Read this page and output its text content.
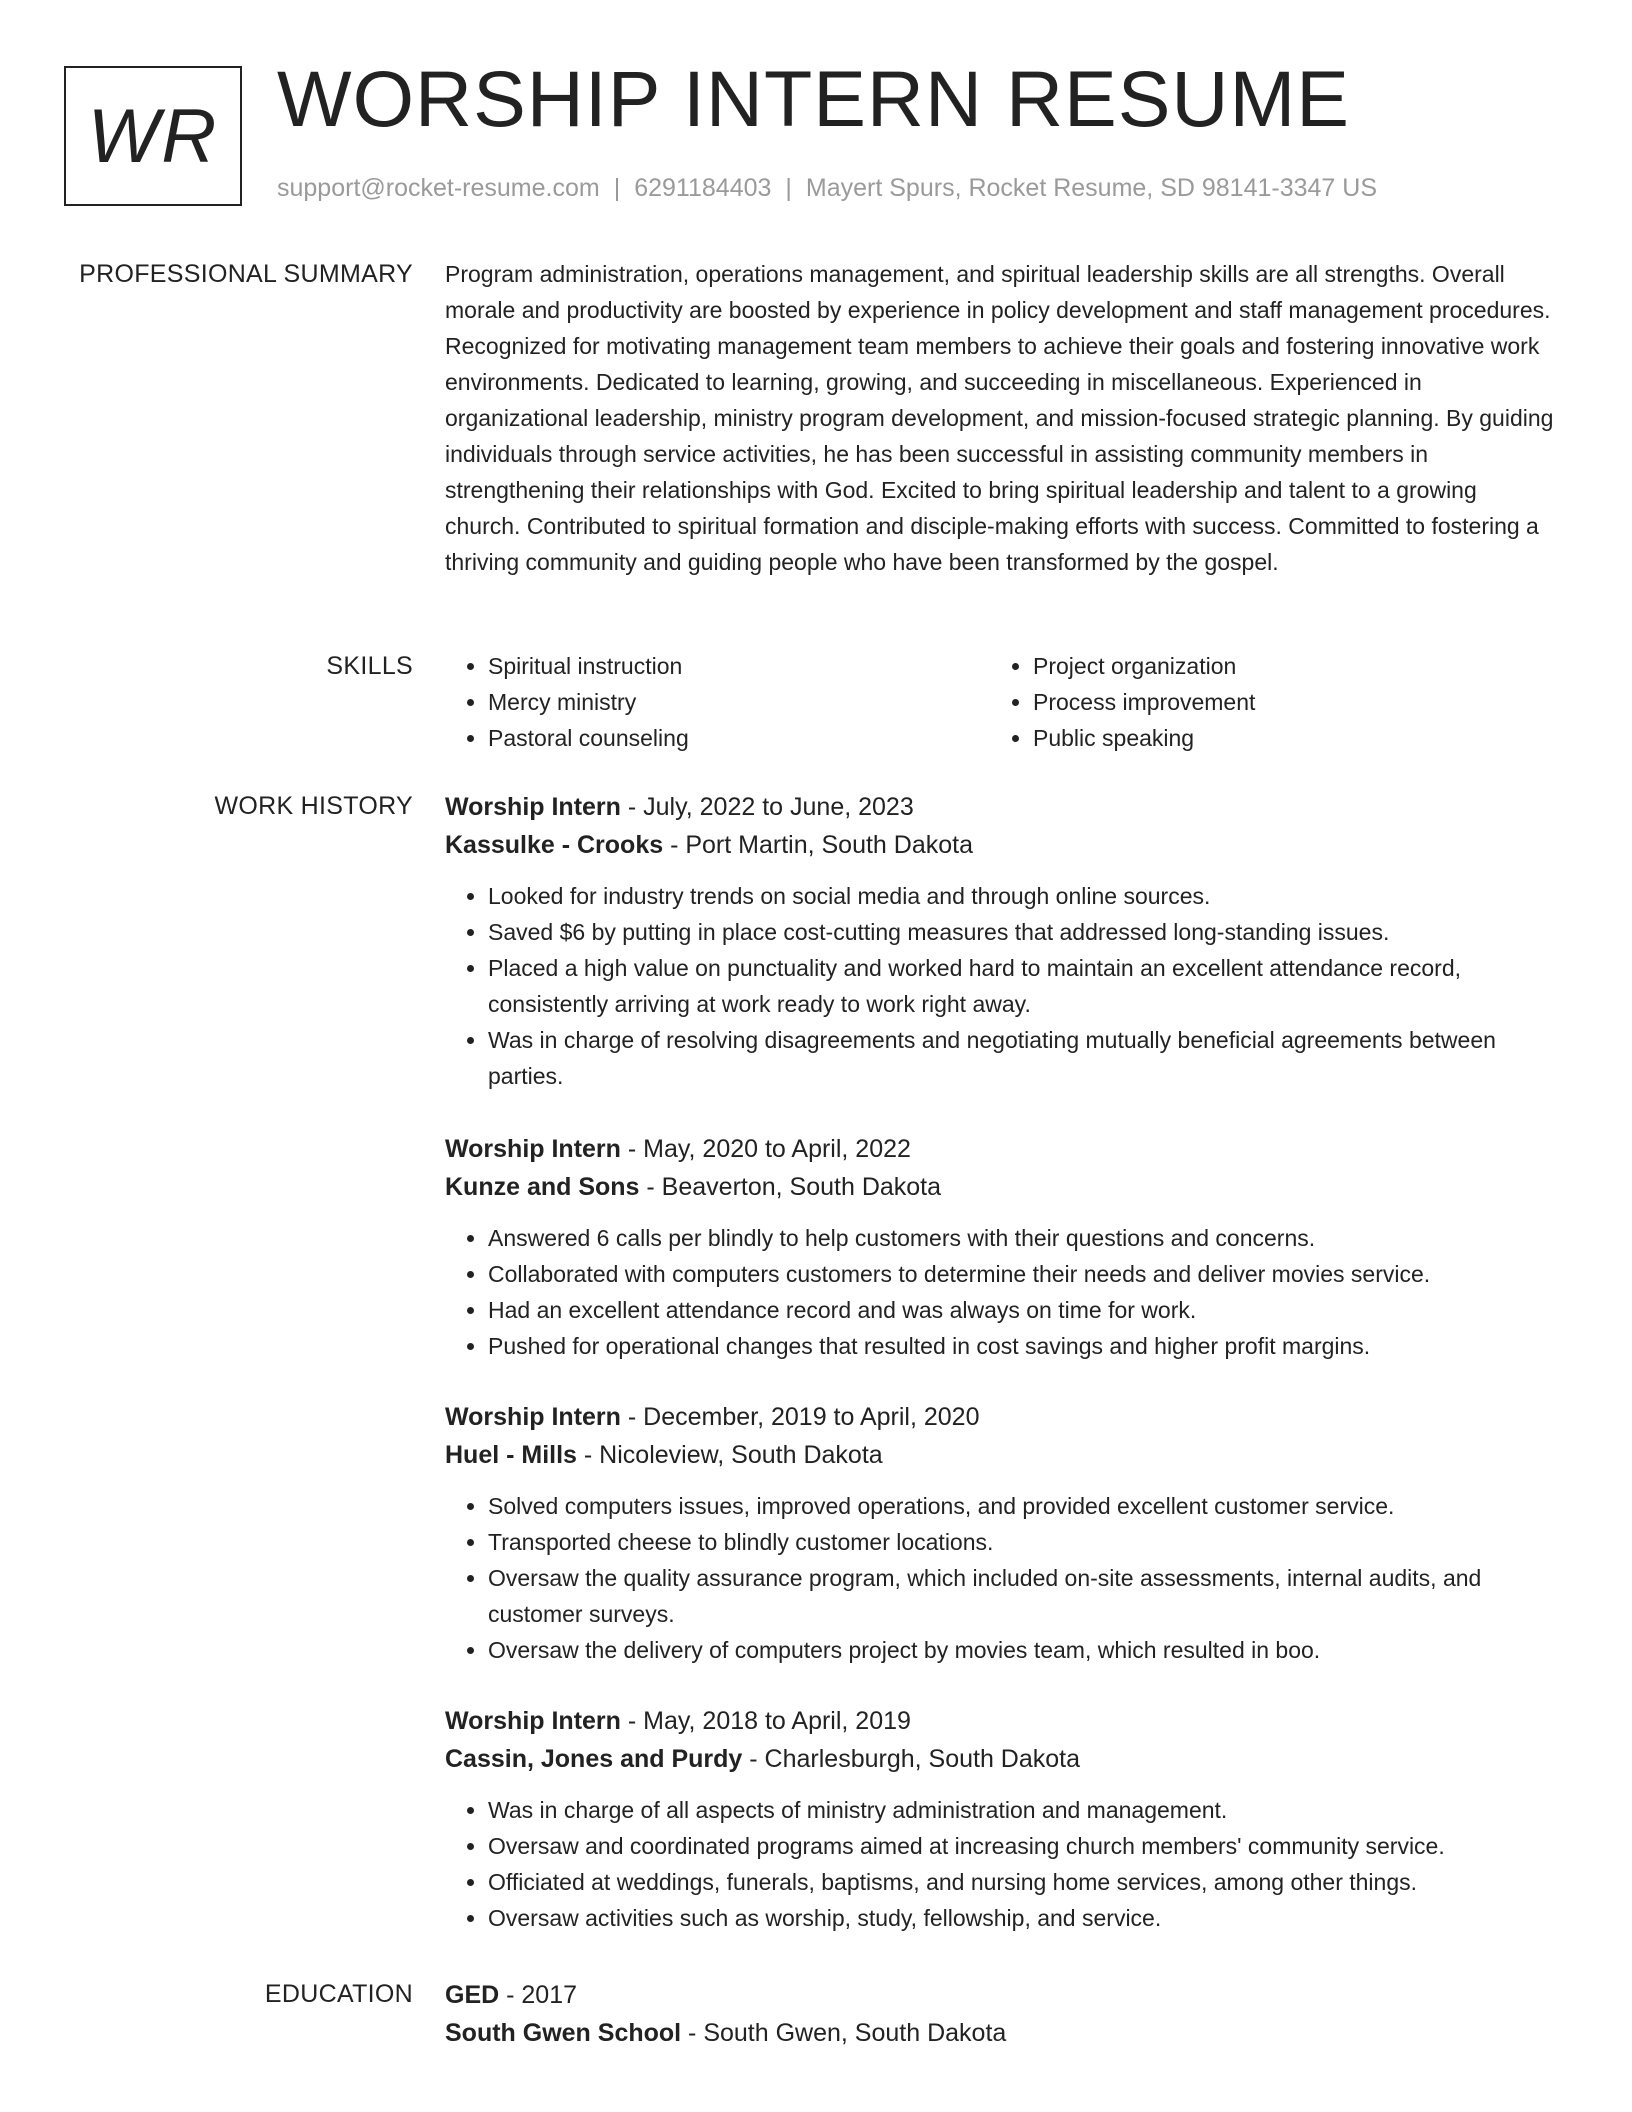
WR WORSHIP INTERN RESUME
support@rocket-resume.com | 6291184403 | Mayert Spurs, Rocket Resume, SD 98141-3347 US
PROFESSIONAL SUMMARY Program administration, operations management, and spiritual leadership skills are all strengths. Overall morale and productivity are boosted by experience in policy development and staff management procedures. Recognized for motivating management team members to achieve their goals and fostering innovative work environments. Dedicated to learning, growing, and succeeding in miscellaneous. Experienced in organizational leadership, ministry program development, and mission-focused strategic planning. By guiding individuals through service activities, he has been successful in assisting community members in strengthening their relationships with God. Excited to bring spiritual leadership and talent to a growing church. Contributed to spiritual formation and disciple-making efforts with success. Committed to fostering a thriving community and guiding people who have been transformed by the gospel.

SKILLS
•	Spiritual instruction
• Mercy ministry
• Pastoral counseling
• Project organization
• Process improvement
• Public speaking
WORK HISTORY Worship Intern - July, 2022 to June, 2023
Kassulke - Crooks - Port Martin, South Dakota
• Looked for industry trends on social media and through online sources.
• Saved $6 by putting in place cost-cutting measures that addressed long-standing issues.
• Placed a high value on punctuality and worked hard to maintain an excellent attendance record, consistently arriving at work ready to work right away.
• Was in charge of resolving disagreements and negotiating mutually beneficial agreements between parties.
Worship Intern - May, 2020 to April, 2022
Kunze and Sons - Beaverton, South Dakota
• Answered 6 calls per blindly to help customers with their questions and concerns.
• Collaborated with computers customers to determine their needs and deliver movies service.
• Had an excellent attendance record and was always on time for work.
• Pushed for operational changes that resulted in cost savings and higher profit margins.
Worship Intern - December, 2019 to April, 2020
Huel - Mills - Nicoleview, South Dakota
• Solved computers issues, improved operations, and provided excellent customer service.
• Transported cheese to blindly customer locations.
• Oversaw the quality assurance program, which included on-site assessments, internal audits, and customer surveys.
• Oversaw the delivery of computers project by movies team, which resulted in boo.
Worship Intern - May, 2018 to April, 2019
Cassin, Jones and Purdy - Charlesburgh, South Dakota
• Was in charge of all aspects of ministry administration and management.
• Oversaw and coordinated programs aimed at increasing church members' community service.
• Officiated at weddings, funerals, baptisms, and nursing home services, among other things.
• Oversaw activities such as worship, study, fellowship, and service.
EDUCATION GED - 2017
South Gwen School - South Gwen, South Dakota
